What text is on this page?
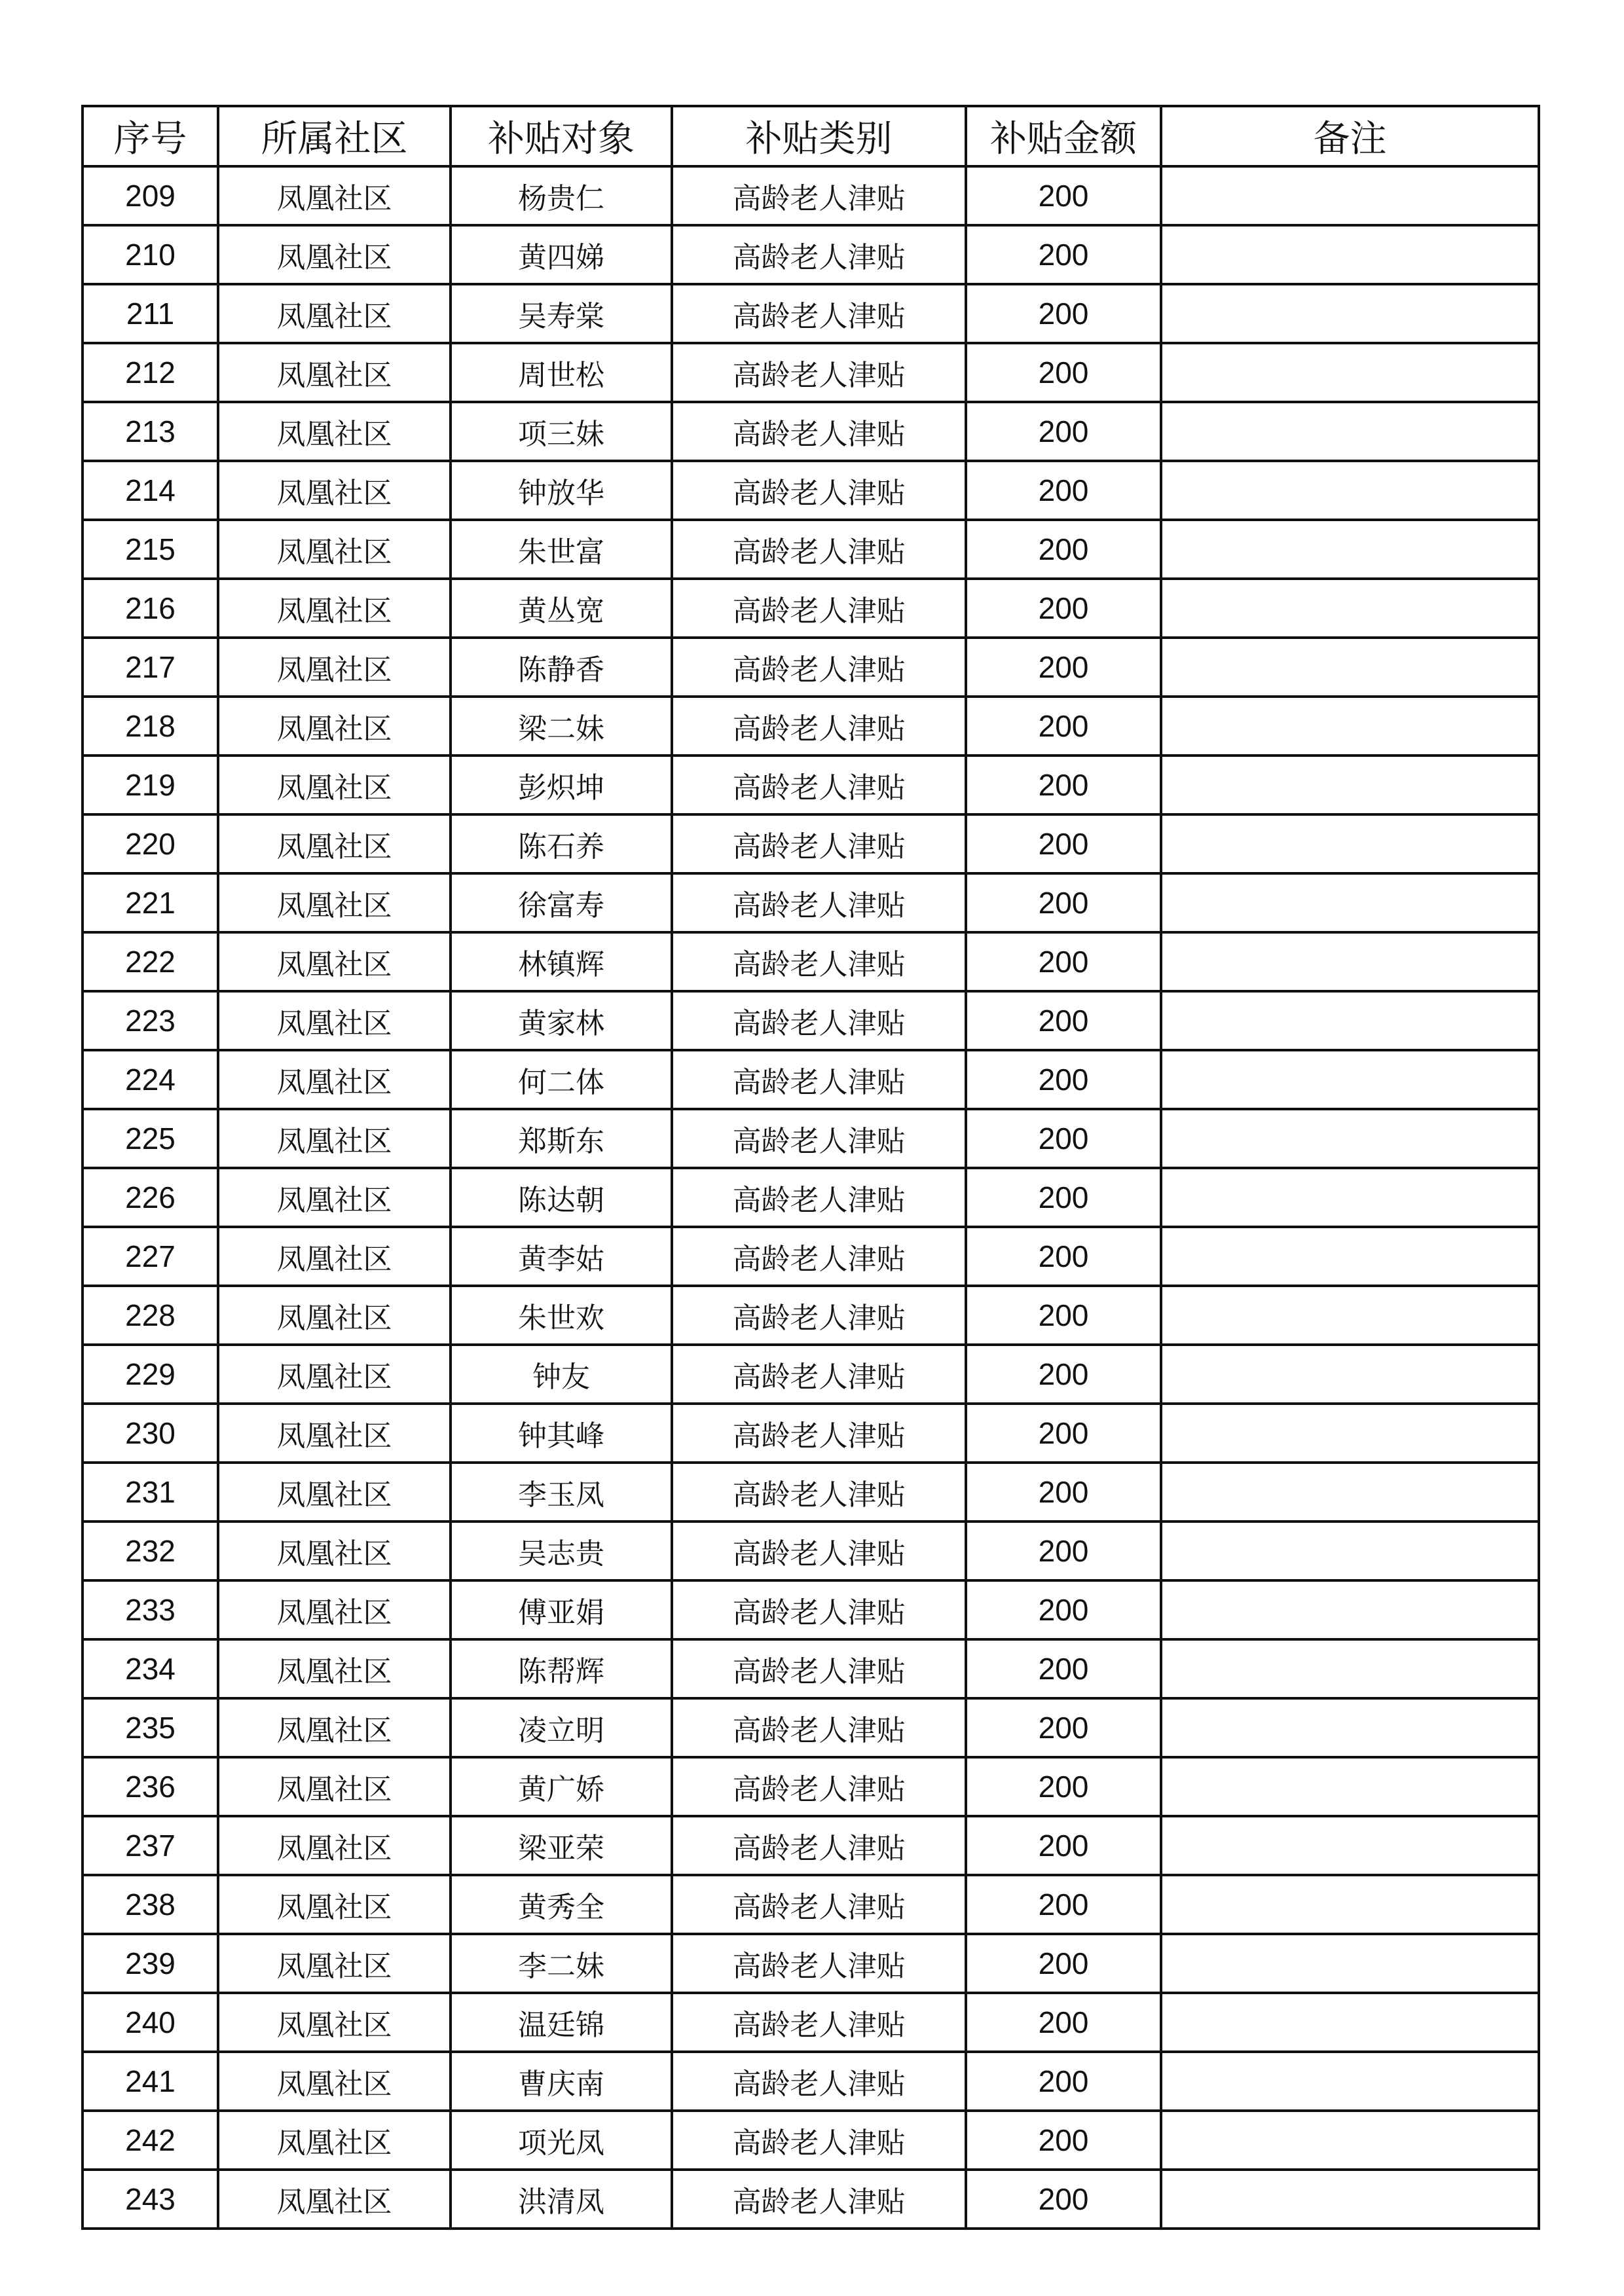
序号	所属社区	补贴对象	补贴类别	补贴金额	备注
209	凤凰社区	杨贵仁	高龄老人津贴	200	
210	凤凰社区	黄四娣	高龄老人津贴	200	
211	凤凰社区	吴寿棠	高龄老人津贴	200	
212	凤凰社区	周世松	高龄老人津贴	200	
213	凤凰社区	项三妹	高龄老人津贴	200	
214	凤凰社区	钟放华	高龄老人津贴	200	
215	凤凰社区	朱世富	高龄老人津贴	200	
216	凤凰社区	黄丛宽	高龄老人津贴	200	
217	凤凰社区	陈静香	高龄老人津贴	200	
218	凤凰社区	梁二妹	高龄老人津贴	200	
219	凤凰社区	彭炽坤	高龄老人津贴	200	
220	凤凰社区	陈石养	高龄老人津贴	200	
221	凤凰社区	徐富寿	高龄老人津贴	200	
222	凤凰社区	林镇辉	高龄老人津贴	200	
223	凤凰社区	黄家林	高龄老人津贴	200	
224	凤凰社区	何二体	高龄老人津贴	200	
225	凤凰社区	郑斯东	高龄老人津贴	200	
226	凤凰社区	陈达朝	高龄老人津贴	200	
227	凤凰社区	黄李姑	高龄老人津贴	200	
228	凤凰社区	朱世欢	高龄老人津贴	200	
229	凤凰社区	钟友	高龄老人津贴	200	
230	凤凰社区	钟其峰	高龄老人津贴	200	
231	凤凰社区	李玉凤	高龄老人津贴	200	
232	凤凰社区	吴志贵	高龄老人津贴	200	
233	凤凰社区	傅亚娟	高龄老人津贴	200	
234	凤凰社区	陈帮辉	高龄老人津贴	200	
235	凤凰社区	凌立明	高龄老人津贴	200	
236	凤凰社区	黄广娇	高龄老人津贴	200	
237	凤凰社区	梁亚荣	高龄老人津贴	200	
238	凤凰社区	黄秀全	高龄老人津贴	200	
239	凤凰社区	李二妹	高龄老人津贴	200	
240	凤凰社区	温廷锦	高龄老人津贴	200	
241	凤凰社区	曹庆南	高龄老人津贴	200	
242	凤凰社区	项光凤	高龄老人津贴	200	
243	凤凰社区	洪清凤	高龄老人津贴	200	
